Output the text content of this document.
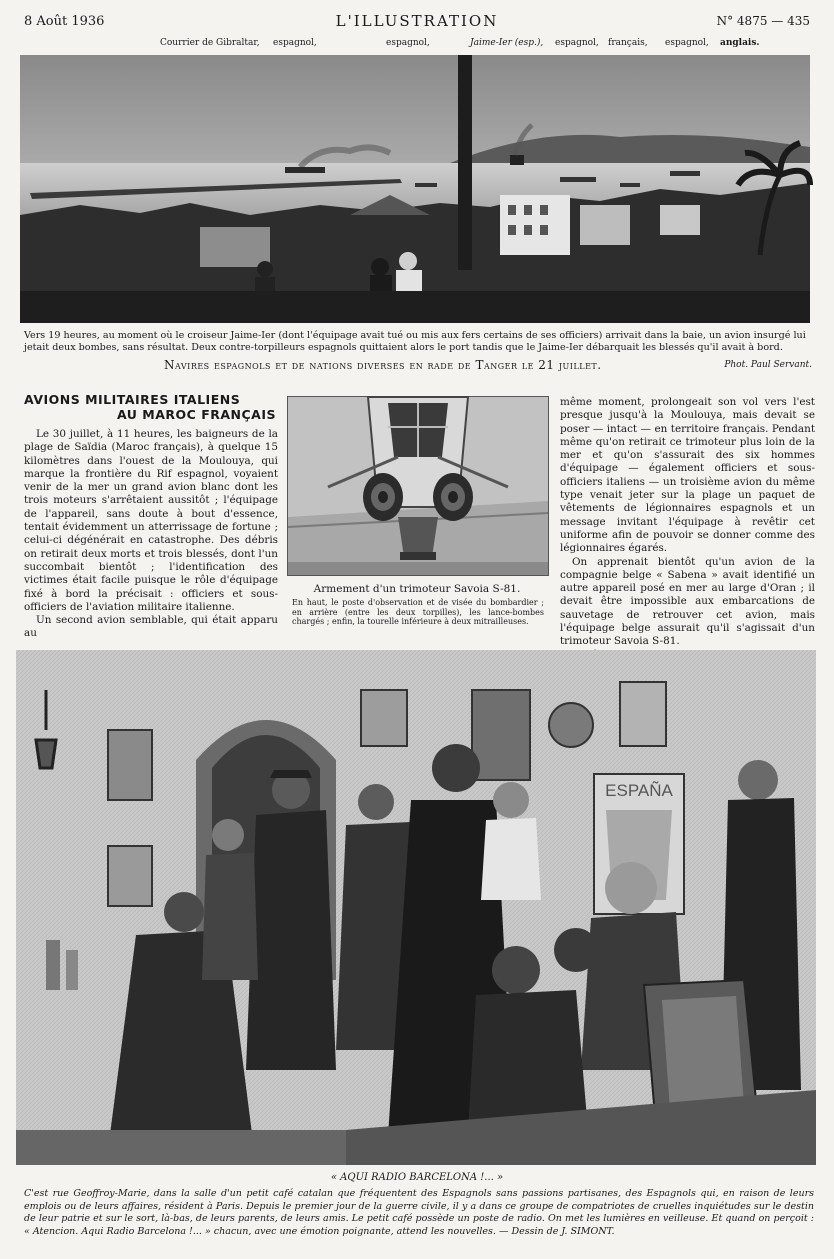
8 Août 1936	L'ILLUSTRATION	N° 4875 — 435
Courrier de Gibraltar, espagnol,	espagnol,	Jaime-Ier (esp.), espagnol, français, espagnol, anglais.
Vers 19 heures, au moment où le croiseur Jaime-Ier (dont l'équipage avait tué ou mis aux fers certains de ses officiers) arrivait dans la baie, un avion insurgé lui jetait deux bombes, sans résultat. Deux contre-torpilleurs espagnols quittaient alors le port tandis que le Jaime-Ier débarquait les blessés qu'il avait à bord.
Navires espagnols et de nations diverses en rade de Tanger le 21 juillet.	Phot. Paul Servant.
AVIONS MILITAIRES ITALIENS
AU MAROC FRANÇAIS

Le 30 juillet, à 11 heures, les baigneurs de la plage de Saïdia (Maroc français), à quelque 15 kilomètres dans l'ouest de la Moulouya, qui marque la frontière du Rif espagnol, voyaient venir de la mer un grand avion blanc dont les trois moteurs s'arrêtaient aussitôt ; l'équipage de l'appareil, sans doute à bout d'essence, tentait évidemment un atterrissage de fortune ; celui-ci dégénérait en catastrophe. Des débris on retirait deux morts et trois blessés, dont l'un succombait bientôt ; l'identification des victimes était facile puisque le rôle d'équipage fixé à bord la précisait : officiers et sous-officiers de l'aviation militaire italienne.

Un second avion semblable, qui était apparu au

Armement d'un trimoteur Savoia S-81.
En haut, le poste d'observation et de visée du bombardier ; en arrière (entre les deux torpilles), les lance-bombes chargés ; enfin, la tourelle inférieure à deux mitrailleuses.

même moment, prolongeait son vol vers l'est presque jusqu'à la Moulouya, mais devait se poser — intact — en territoire français. Pendant même qu'on retirait ce trimoteur plus loin de la mer et qu'on s'assurait des six hommes d'équipage — également officiers et sous-officiers italiens — un troisième avion du même type venait jeter sur la plage un paquet de vêtements de légionnaires espagnols et un message invitant l'équipage à revêtir cet uniforme afin de pouvoir se donner comme des légionnaires égarés.

On apprenait bientôt qu'un avion de la compagnie belge « Sabena » avait identifié un autre appareil posé en mer au large d'Oran ; il devait être impossible aux embarcations de sauvetage de retrouver cet avion, mais l'équipage belge assurait qu'il s'agissait d'un trimoteur Savoia S-81.

ESPAÑA
« AQUI RADIO BARCELONA !... »
C'est rue Geoffroy-Marie, dans la salle d'un petit café catalan que fréquentent des Espagnols sans passions partisanes, des Espagnols qui, en raison de leurs emplois ou de leurs affaires, résident à Paris. Depuis le premier jour de la guerre civile, il y a dans ce groupe de compatriotes de cruelles inquiétudes sur le destin de leur patrie et sur le sort, là-bas, de leurs parents, de leurs amis. Le petit café possède un poste de radio. On met les lumières en veilleuse. Et quand on perçoit : « Atencion. Aqui Radio Barcelona !... » chacun, avec une émotion poignante, attend les nouvelles. — Dessin de J. SIMONT.
